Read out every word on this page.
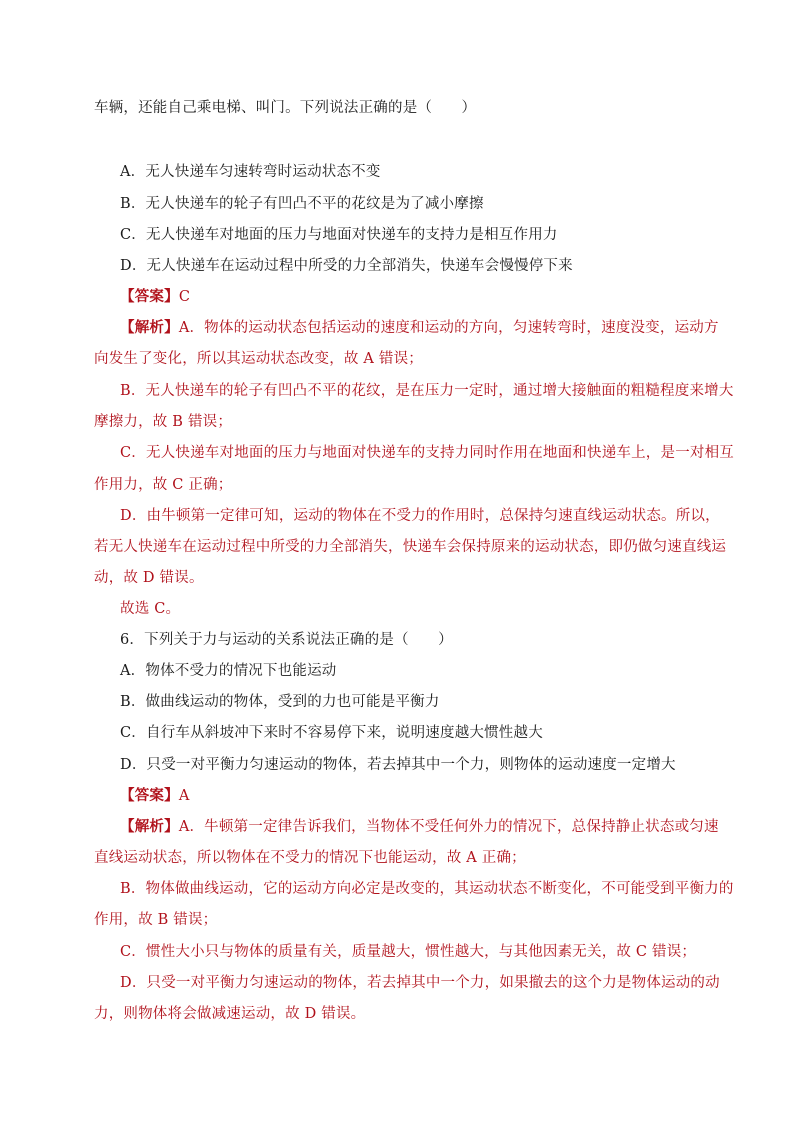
车辆，还能自己乘电梯、叫门。下列说法正确的是（　　）
A．无人快递车匀速转弯时运动状态不变
B．无人快递车的轮子有凹凸不平的花纹是为了减小摩擦
C．无人快递车对地面的压力与地面对快递车的支持力是相互作用力
D．无人快递车在运动过程中所受的力全部消失，快递车会慢慢停下来
【答案】C
【解析】A．物体的运动状态包括运动的速度和运动的方向，匀速转弯时，速度没变，运动方
向发生了变化，所以其运动状态改变，故 A 错误；
B．无人快递车的轮子有凹凸不平的花纹，是在压力一定时，通过增大接触面的粗糙程度来增大
摩擦力，故 B 错误；
C．无人快递车对地面的压力与地面对快递车的支持力同时作用在地面和快递车上，是一对相互
作用力，故 C 正确；
D．由牛顿第一定律可知，运动的物体在不受力的作用时，总保持匀速直线运动状态。所以，
若无人快递车在运动过程中所受的力全部消失，快递车会保持原来的运动状态，即仍做匀速直线运
动，故 D 错误。
故选 C。
6．下列关于力与运动的关系说法正确的是（　　）
A．物体不受力的情况下也能运动
B．做曲线运动的物体，受到的力也可能是平衡力
C．自行车从斜坡冲下来时不容易停下来，说明速度越大惯性越大
D．只受一对平衡力匀速运动的物体，若去掉其中一个力，则物体的运动速度一定增大
【答案】A
【解析】A．牛顿第一定律告诉我们，当物体不受任何外力的情况下，总保持静止状态或匀速
直线运动状态，所以物体在不受力的情况下也能运动，故 A 正确；
B．物体做曲线运动，它的运动方向必定是改变的，其运动状态不断变化，不可能受到平衡力的
作用，故 B 错误；
C．惯性大小只与物体的质量有关，质量越大，惯性越大，与其他因素无关，故 C 错误；
D．只受一对平衡力匀速运动的物体，若去掉其中一个力，如果撤去的这个力是物体运动的动
力，则物体将会做减速运动，故 D 错误。
